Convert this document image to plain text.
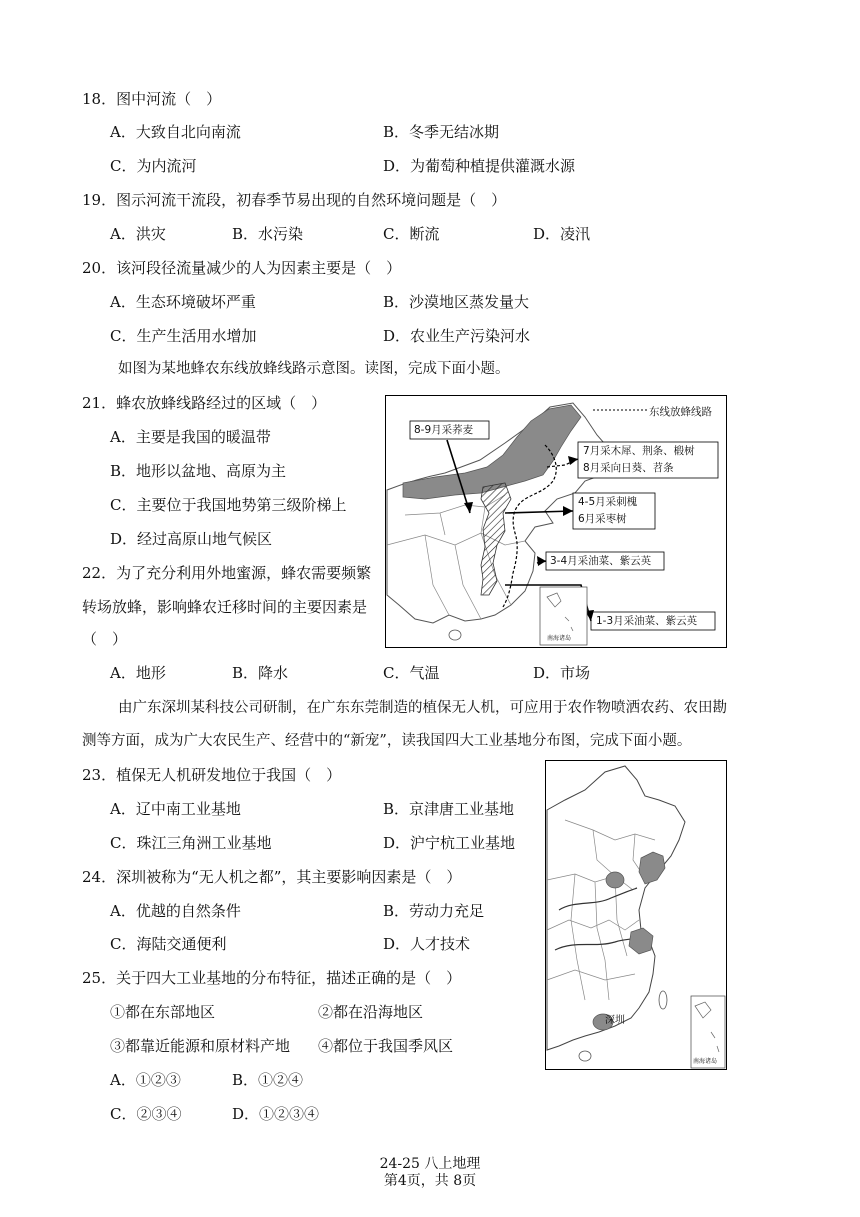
18．图中河流（　）
A．大致自北向南流	B．冬季无结冰期
C．为内流河	D．为葡萄种植提供灌溉水源
19．图示河流干流段，初春季节易出现的自然环境问题是（　）
A．洪灾	B．水污染	C．断流	D．凌汛
20．该河段径流量减少的人为因素主要是（　）
A．生态环境破坏严重	B．沙漠地区蒸发量大
C．生产生活用水增加	D．农业生产污染河水
如图为某地蜂农东线放蜂线路示意图。读图，完成下面小题。
21．蜂农放蜂线路经过的区域（　）
A．主要是我国的暖温带
B．地形以盆地、高原为主
C．主要位于我国地势第三级阶梯上
D．经过高原山地气候区
22．为了充分利用外地蜜源，蜂农需要频繁
转场放蜂，影响蜂农迁移时间的主要因素是
（　）
A．地形	B．降水	C．气温	D．市场
东线放蜂线路
8-9月采荞麦
7月采木犀、荆条、椴树
8月采向日葵、苕条
4-5月采刺槐
6月采枣树
3-4月采油菜、紫云英
1-3月采油菜、紫云英
南海诸岛
由广东深圳某科技公司研制，在广东东莞制造的植保无人机，可应用于农作物喷洒农药、农田勘
测等方面，成为广大农民生产、经营中的“新宠”，读我国四大工业基地分布图，完成下面小题。
23．植保无人机研发地位于我国（　）
A．辽中南工业基地	B．京津唐工业基地
C．珠江三角洲工业基地	D．沪宁杭工业基地
24．深圳被称为“无人机之都”，其主要影响因素是（　）
A．优越的自然条件	B．劳动力充足
C．海陆交通便利	D．人才技术
25．关于四大工业基地的分布特征，描述正确的是（　）
①都在东部地区	②都在沿海地区
③都靠近能源和原材料产地 ④都位于我国季风区
A．①②③	B．①②④
C．②③④	D．①②③④
深圳
南海诸岛
24-25 八上地理
第4页，共 8页
